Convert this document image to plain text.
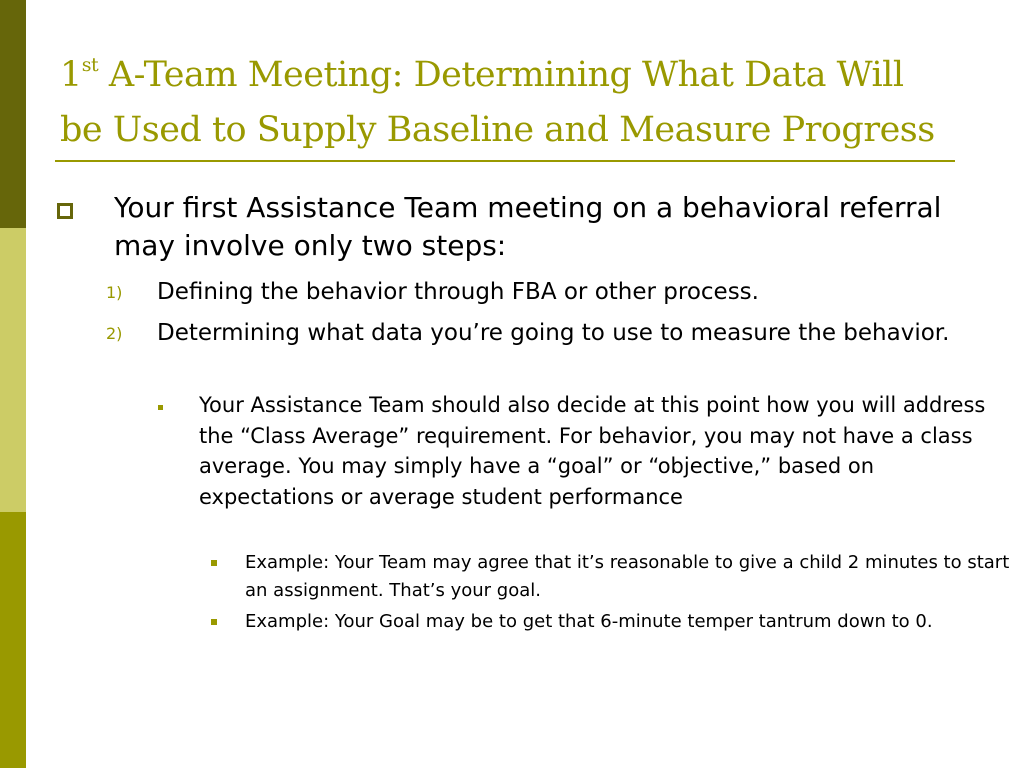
1st A-Team Meeting: Determining What Data Will
be Used to Supply Baseline and Measure Progress
Your first Assistance Team meeting on a behavioral referral may involve only two steps:
1) Defining the behavior through FBA or other process.
2) Determining what data you’re going to use to measure the behavior.
Your Assistance Team should also decide at this point how you will address the “Class Average” requirement. For behavior, you may not have a class average. You may simply have a “goal” or “objective,” based on expectations or average student performance
Example: Your Team may agree that it’s reasonable to give a child 2 minutes to start an assignment. That’s your goal.
Example: Your Goal may be to get that 6-minute temper tantrum down to 0.
